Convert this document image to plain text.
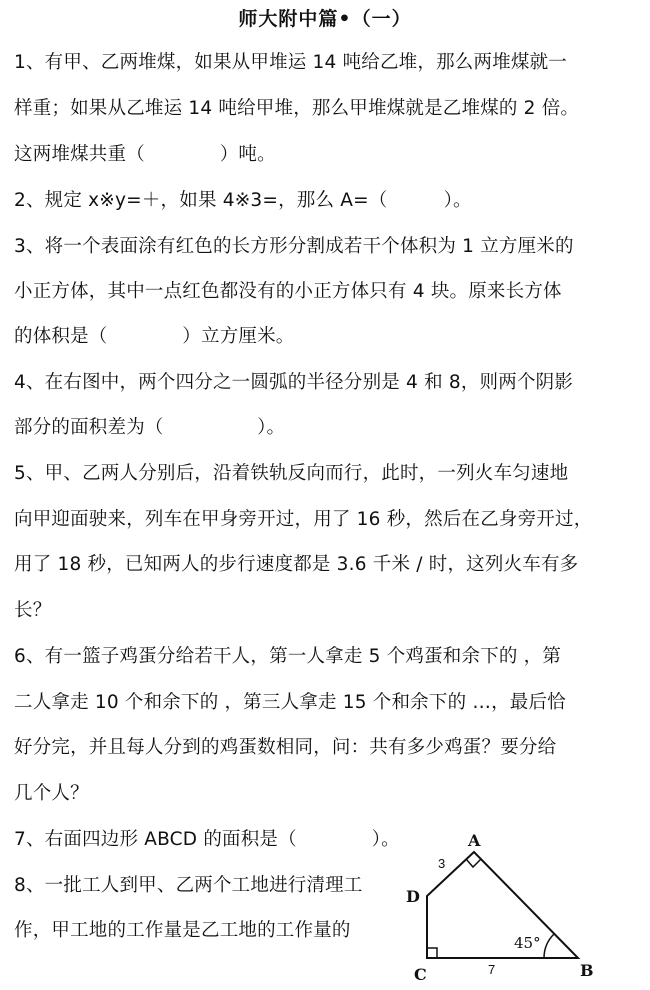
师大附中篇•（一）
1、有甲、乙两堆煤，如果从甲堆运 14 吨给乙堆，那么两堆煤就一
样重；如果从乙堆运 14 吨给甲堆，那么甲堆煤就是乙堆煤的 2 倍。
这两堆煤共重（　　　　）吨。
2、规定 x※y=＋，如果 4※3=，那么 A=（　　　）。
3、将一个表面涂有红色的长方形分割成若干个体积为 1 立方厘米的
小正方体，其中一点红色都没有的小正方体只有 4 块。原来长方体
的体积是（　　　　）立方厘米。
4、在右图中，两个四分之一圆弧的半径分别是 4 和 8，则两个阴影
部分的面积差为（　　　　　）。
5、甲、乙两人分别后，沿着铁轨反向而行，此时，一列火车匀速地
向甲迎面驶来，列车在甲身旁开过，用了 16 秒，然后在乙身旁开过，
用了 18 秒，已知两人的步行速度都是 3.6 千米 / 时，这列火车有多
长？
6、有一篮子鸡蛋分给若干人，第一人拿走 5 个鸡蛋和余下的 ，第
二人拿走 10 个和余下的 ，第三人拿走 15 个和余下的 …，最后恰
好分完，并且每人分到的鸡蛋数相同，问：共有多少鸡蛋？要分给
几个人？
7、右面四边形 ABCD 的面积是（　　　　）。
8、一批工人到甲、乙两个工地进行清理工
作，甲工地的工作量是乙工地的工作量的
A
D
C	B
3
7
45°
